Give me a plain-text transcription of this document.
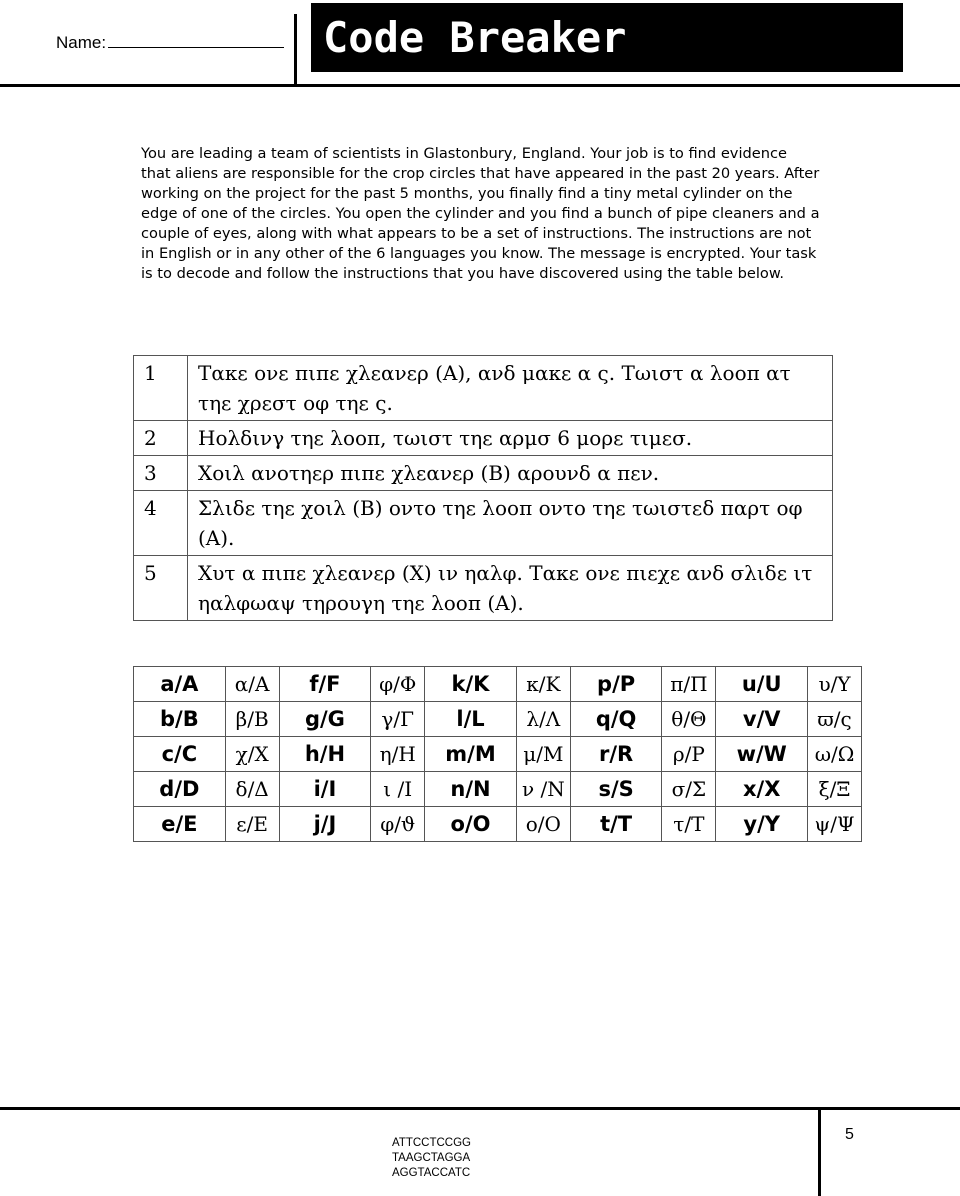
Name:	Code Breaker

You are leading a team of scientists in Glastonbury, England. Your job is to find evidence that aliens are responsible for the crop circles that have appeared in the past 20 years. After working on the project for the past 5 months, you finally find a tiny metal cylinder on the edge of one of the circles. You open the cylinder and you find a bunch of pipe cleaners and a couple of eyes, along with what appears to be a set of instructions. The instructions are not in English or in any other of the 6 languages you know. The message is encrypted. Your task is to decode and follow the instructions that you have discovered using the table below.

1	Τακε ονε πιπε χλεανερ (Α), ανδ μακε α ς. Τωιστ α λοοπ ατ τηε χρεστ οφ τηε ς.
2	Ηολδινγ τηε λοοπ, τωιστ τηε αρμσ 6 μορε τιμεσ.
3	Χοιλ ανοτηερ πιπε χλεανερ (Β) αρουνδ α πεν.
4	Σλιδε τηε χοιλ (Β) οντο τηε λοοπ οντο τηε τωιστεδ παρτ οφ (Α).
5	Χυτ α πιπε χλεανερ (Χ) ιν ηαλφ. Τακε ονε πιεχε ανδ σλιδε ιτ ηαλφωαψ τηρουγη τηε λοοπ (Α).
a/A	α/Α	f/F	φ/Φ	k/K	κ/Κ	p/P	π/Π	u/U	υ/Υ
b/B	β/Β	g/G	γ/Γ	l/L	λ/Λ	q/Q	θ/Θ	v/V	ϖ/ς
c/C	χ/Χ	h/H	η/Η	m/M	μ/Μ	r/R	ρ/Ρ	w/W	ω/Ω
d/D	δ/Δ	i/I	ι /Ι	n/N	ν /Ν	s/S	σ/Σ	x/X	ξ/Ξ
e/E	ε/Ε	j/J	φ/ϑ	o/O	ο/Ο	t/T	τ/Τ	y/Y	ψ/Ψ
ATTCCTCCGG
TAAGCTAGGA
AGGTACCATC
5
